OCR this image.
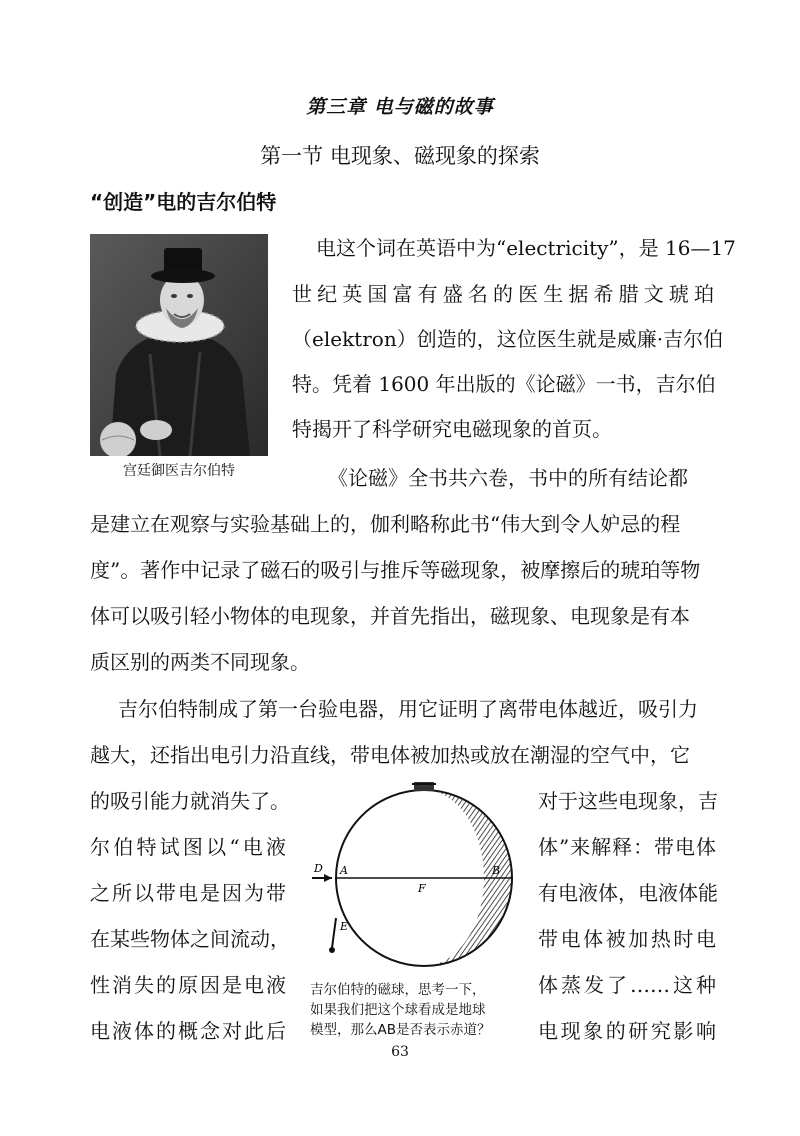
第三章 电与磁的故事
第一节 电现象、磁现象的探索
“创造”电的吉尔伯特
宫廷御医吉尔伯特
电这个词在英语中为“electricity”，是 16—17
世纪英国富有盛名的医生据希腊文琥珀
（elektron）创造的，这位医生就是威廉·吉尔伯
特。凭着 1600 年出版的《论磁》一书，吉尔伯
特揭开了科学研究电磁现象的首页。
《论磁》全书共六卷，书中的所有结论都
是建立在观察与实验基础上的，伽利略称此书“伟大到令人妒忌的程
度”。著作中记录了磁石的吸引与推斥等磁现象，被摩擦后的琥珀等物
体可以吸引轻小物体的电现象，并首先指出，磁现象、电现象是有本
质区别的两类不同现象。
吉尔伯特制成了第一台验电器，用它证明了离带电体越近，吸引力
越大，还指出电引力沿直线，带电体被加热或放在潮湿的空气中，它
的吸引能力就消失了。	对于这些电现象，吉
尔伯特试图以“电液	体”来解释：带电体
之所以带电是因为带	有电液体，电液体能
在某些物体之间流动，	带电体被加热时电
性消失的原因是电液	体蒸发了……这种
电液体的概念对此后	电现象的研究影响
D A	B
F
E
吉尔伯特的磁球，思考一下，
如果我们把这个球看成是地球
模型，那么AB是否表示赤道？
63
